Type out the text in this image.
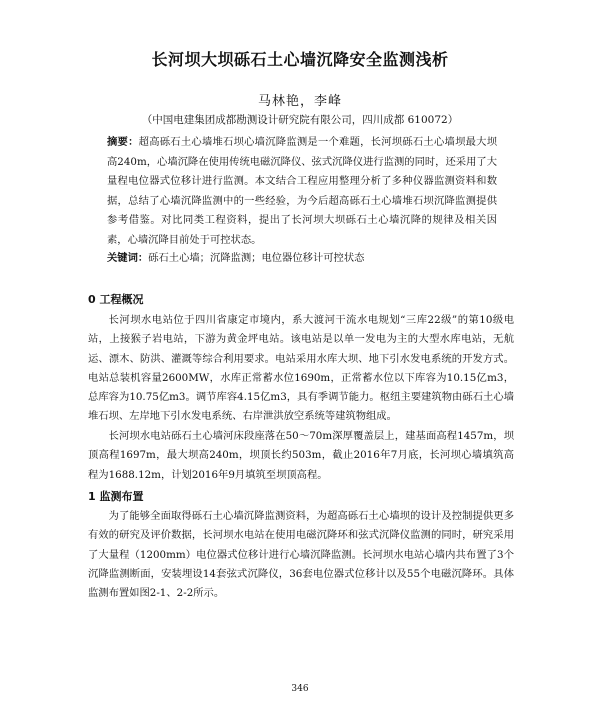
长河坝大坝砾石土心墙沉降安全监测浅析
马林艳，李峰
（中国电建集团成都勘测设计研究院有限公司，四川成都 610072）
摘要：超高砾石土心墙堆石坝心墙沉降监测是一个难题，长河坝砾石土心墙坝最大坝高240m，心墙沉降在使用传统电磁沉降仪、弦式沉降仪进行监测的同时，还采用了大量程电位器式位移计进行监测。本文结合工程应用整理分析了多种仪器监测资料和数据，总结了心墙沉降监测中的一些经验，为今后超高砾石土心墙堆石坝沉降监测提供参考借鉴。对比同类工程资料，提出了长河坝大坝砾石土心墙沉降的规律及相关因素，心墙沉降目前处于可控状态。
关键词：砾石土心墙；沉降监测；电位器位移计可控状态
0 工程概况
长河坝水电站位于四川省康定市境内，系大渡河干流水电规划“三库22级”的第10级电站，上接猴子岩电站，下游为黄金坪电站。该电站是以单一发电为主的大型水库电站，无航运、漂木、防洪、灌溉等综合利用要求。电站采用水库大坝、地下引水发电系统的开发方式。电站总装机容量2600MW，水库正常蓄水位1690m，正常蓄水位以下库容为10.15亿m3，总库容为10.75亿m3。调节库容4.15亿m3，具有季调节能力。枢纽主要建筑物由砾石土心墙堆石坝、左岸地下引水发电系统、右岸泄洪放空系统等建筑物组成。
长河坝水电站砾石土心墙河床段座落在50～70m深厚覆盖层上，建基面高程1457m，坝顶高程1697m，最大坝高240m，坝顶长约503m，截止2016年7月底，长河坝心墙填筑高程为1688.12m，计划2016年9月填筑至坝顶高程。
1 监测布置
为了能够全面取得砾石土心墙沉降监测资料，为超高砾石土心墙坝的设计及控制提供更多有效的研究及评价数据，长河坝水电站在使用电磁沉降环和弦式沉降仪监测的同时，研究采用了大量程（1200mm）电位器式位移计进行心墙沉降监测。长河坝水电站心墙内共布置了3个沉降监测断面，安装埋设14套弦式沉降仪，36套电位器式位移计以及55个电磁沉降环。具体监测布置如图2-1、2-2所示。
346
